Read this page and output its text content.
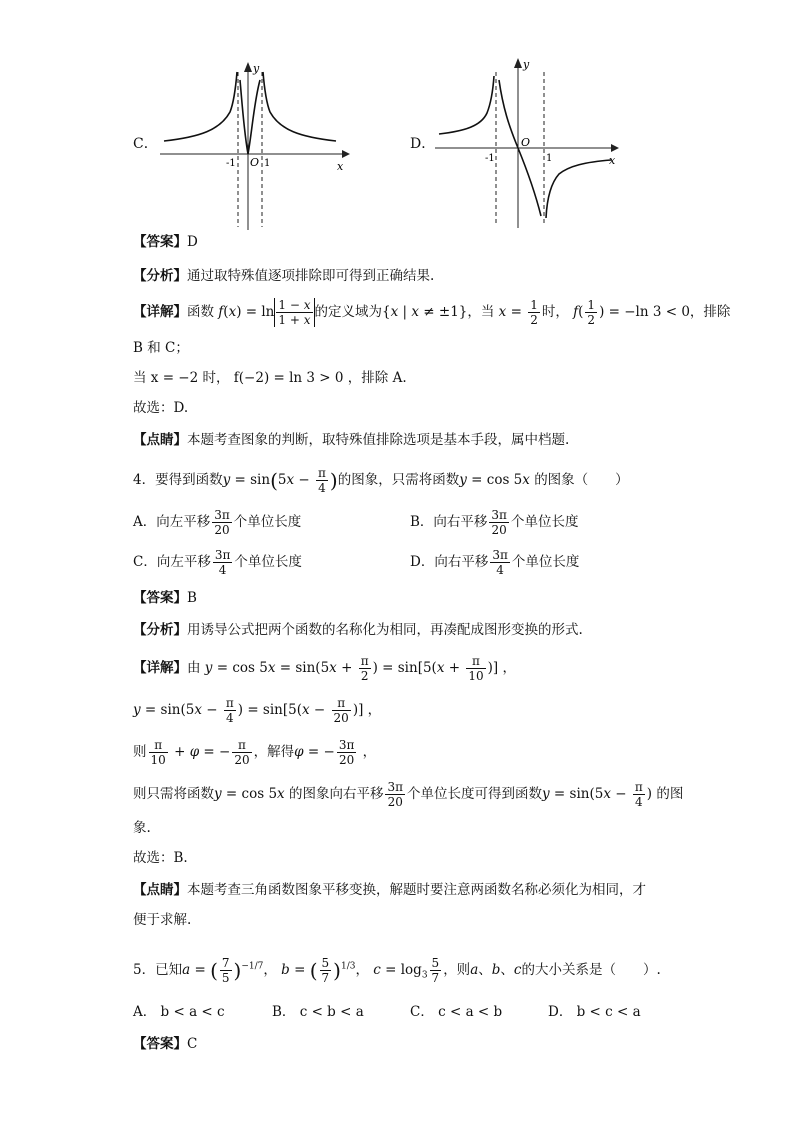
C．
y
x
O
-1	1
D．
y
x
O
-1	1
【答案】D
【分析】通过取特殊值逐项排除即可得到正确结果.
【详解】函数 $f(x) = \ln \frac{1 - x}{1 + x}$ 的定义域为{x | x ≠ ±1}，当 $x = \frac{1}{2}$ 时， $f( \frac{1}{2}$ ) = −ln 3 < 0，排除
B 和 C；
当 x = −2 时， f(−2) = ln 3 > 0 ，排除 A.
故选：D.
【点睛】本题考查图象的判断，取特殊值排除选项是基本手段，属中档题.
4．要得到函数$y = \sin(5x - \frac{\pi}{4}$ )的图象，只需将函数y = cos 5x 的图象（　　）
A．向左平移 $\frac{3\pi}{20}$ 个单位长度	B．向右平移 $\frac{3\pi}{20}$ 个单位长度
C．向左平移 $\frac{3\pi}{4}$ 个单位长度	D．向右平移 $\frac{3\pi}{4}$ 个单位长度
【答案】B
【分析】用诱导公式把两个函数的名称化为相同，再凑配成图形变换的形式.
【详解】由 $y = \cos 5x = \sin(5x + \frac{\pi}{2}$ ) = $\sin[5(x + \frac{\pi}{10}$ )] ，
$y = \sin(5x - \frac{\pi}{4}$ ) = $\sin[5(x - \frac{\pi}{20}$ )] ，
则 $\frac{\pi}{10} + \varphi$ = − $\frac{\pi}{20}$ ，解得φ = − $\frac{3\pi}{20}$ ，
则只需将函数y = cos 5x 的图象向右平移 $\frac{3\pi}{20}$ 个单位长度可得到函数$y = \sin(5x - \frac{\pi}{4}$ ) 的图
象.
故选：B.
【点睛】本题考查三角函数图象平移变换，解题时要注意两函数名称必须化为相同，才
便于求解.
5．已知a = ( $\frac{7}{5} )^{-1/7}$， b = ( $\frac{5}{7} )^{1/3}$， $c = \log_3 \frac{5}{7}$ ，则a、b、c的大小关系是（　　）.
A． b < a < c	B． c < b < a	C． c < a < b	D． b < c < a
【答案】C
